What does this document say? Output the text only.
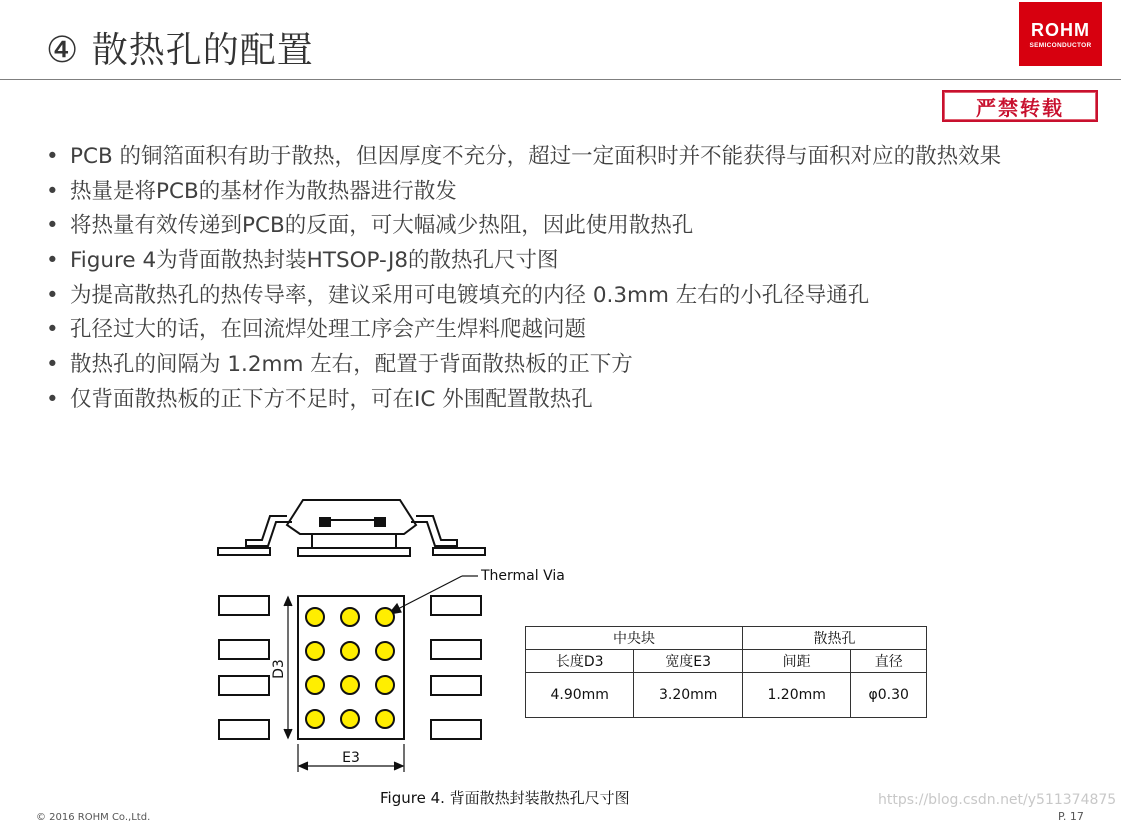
④ 散热孔的配置	ROHM
SEMICONDUCTOR
严禁转载
• PCB 的铜箔面积有助于散热，但因厚度不充分，超过一定面积时并不能获得与面积对应的散热效果
• 热量是将PCB的基材作为散热器进行散发
• 将热量有效传递到PCB的反面，可大幅减少热阻，因此使用散热孔
• Figure 4为背面散热封装HTSOP-J8的散热孔尺寸图
• 为提高散热孔的热传导率，建议采用可电镀填充的内径 0.3mm 左右的小孔径导通孔
• 孔径过大的话，在回流焊处理工序会产生焊料爬越问题
• 散热孔的间隔为 1.2mm 左右，配置于背面散热板的正下方
• 仅背面散热板的正下方不足时，可在IC 外围配置散热孔
D3
E3
Thermal Via
中央块		散热孔	
长度D3	宽度E3	间距	直径
4.90mm	3.20mm	1.20mm	φ0.30
Figure 4. 背面散热封装散热孔尺寸图	https://blog.csdn.net/y511374875
© 2016 ROHM Co.,Ltd.	P. 17
